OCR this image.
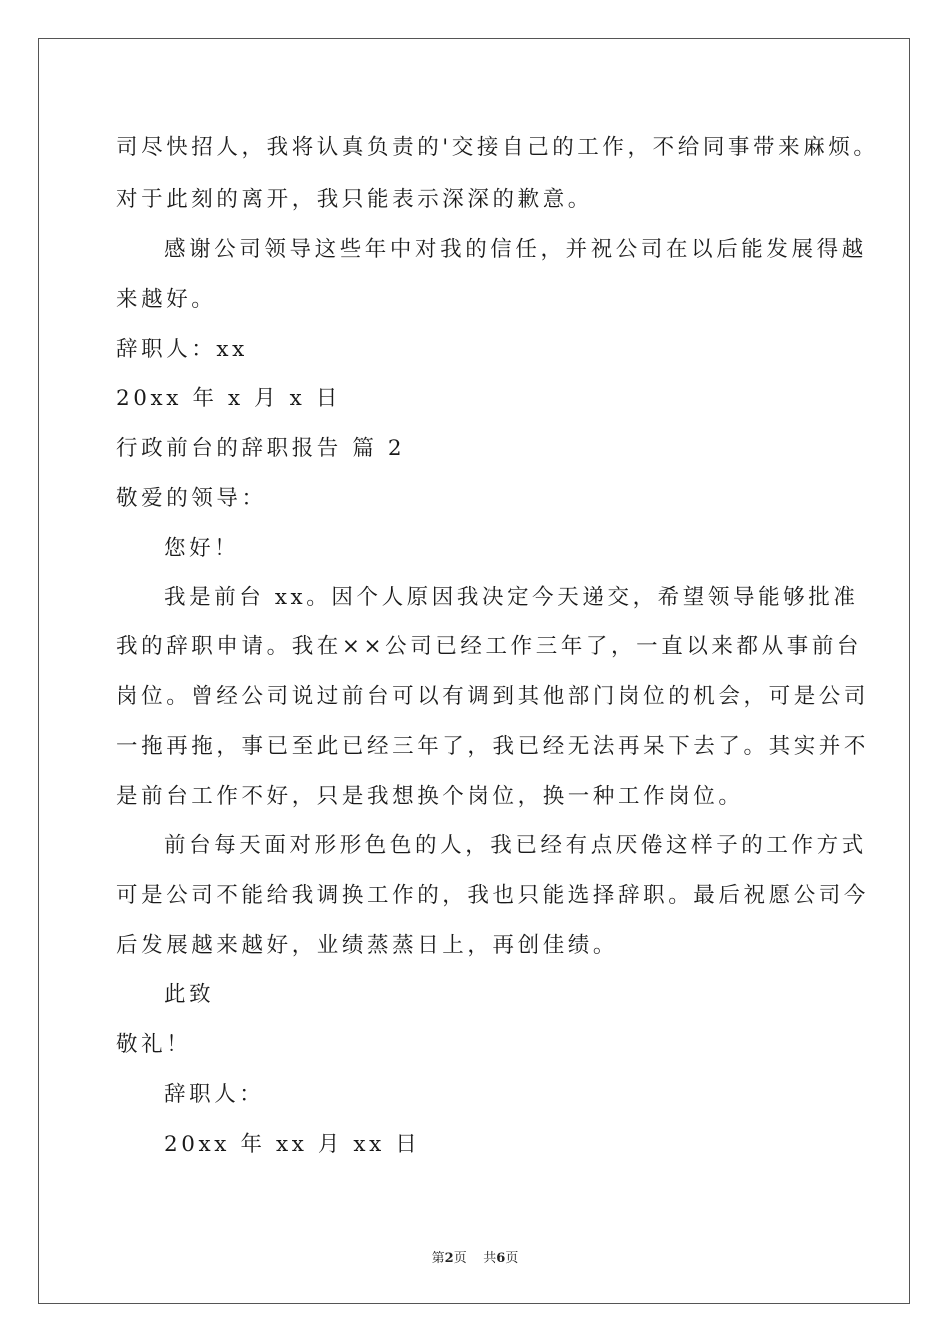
司尽快招人，我将认真负责的'交接自己的工作，不给同事带来麻烦。

对于此刻的离开，我只能表示深深的歉意。

感谢公司领导这些年中对我的信任，并祝公司在以后能发展得越

来越好。

辞职人：xx

20xx 年 x 月 x 日

行政前台的辞职报告 篇 2

敬爱的领导：

您好！

我是前台 xx。因个人原因我决定今天递交，希望领导能够批准

我的辞职申请。我在××公司已经工作三年了，一直以来都从事前台

岗位。曾经公司说过前台可以有调到其他部门岗位的机会，可是公司

一拖再拖，事已至此已经三年了，我已经无法再呆下去了。其实并不

是前台工作不好，只是我想换个岗位，换一种工作岗位。

前台每天面对形形色色的人，我已经有点厌倦这样子的工作方式

可是公司不能给我调换工作的，我也只能选择辞职。最后祝愿公司今

后发展越来越好，业绩蒸蒸日上，再创佳绩。

此致

敬礼！

辞职人：

20xx 年 xx 月 xx 日

第2页 共6页
